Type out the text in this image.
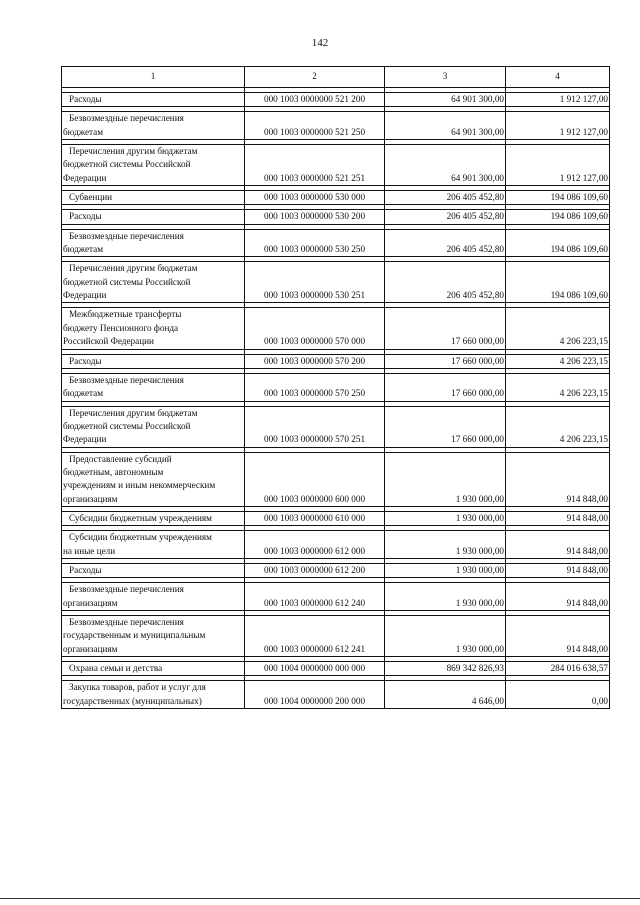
142
1	2	3	4

Расходы	000 1003 0000000 521 200	64 901 300,00	1 912 127,00

Безвозмездные перечисления
бюджетам	000 1003 0000000 521 250	64 901 300,00	1 912 127,00

Перечисления другим бюджетам
бюджетной системы Российской
Федерации	000 1003 0000000 521 251	64 901 300,00	1 912 127,00

Субвенции	000 1003 0000000 530 000	206 405 452,80	194 086 109,60

Расходы	000 1003 0000000 530 200	206 405 452,80	194 086 109,60

Безвозмездные перечисления
бюджетам	000 1003 0000000 530 250	206 405 452,80	194 086 109,60

Перечисления другим бюджетам
бюджетной системы Российской
Федерации	000 1003 0000000 530 251	206 405 452,80	194 086 109,60

Межбюджетные трансферты
бюджету Пенсионного фонда
Российской Федерации	000 1003 0000000 570 000	17 660 000,00	4 206 223,15

Расходы	000 1003 0000000 570 200	17 660 000,00	4 206 223,15

Безвозмездные перечисления
бюджетам	000 1003 0000000 570 250	17 660 000,00	4 206 223,15

Перечисления другим бюджетам
бюджетной системы Российской
Федерации	000 1003 0000000 570 251	17 660 000,00	4 206 223,15

Предоставление субсидий
бюджетным, автономным
учреждениям и иным некоммерческим
организациям	000 1003 0000000 600 000	1 930 000,00	914 848,00

Субсидии бюджетным учреждениям	000 1003 0000000 610 000	1 930 000,00	914 848,00

Субсидии бюджетным учреждениям
на иные цели	000 1003 0000000 612 000	1 930 000,00	914 848,00

Расходы	000 1003 0000000 612 200	1 930 000,00	914 848,00

Безвозмездные перечисления
организациям	000 1003 0000000 612 240	1 930 000,00	914 848,00

Безвозмездные перечисления
государственным и муниципальным
организациям	000 1003 0000000 612 241	1 930 000,00	914 848,00

Охрана семьи и детства	000 1004 0000000 000 000	869 342 826,93	284 016 638,57

Закупка товаров, работ и услуг для
государственных (муниципальных)	000 1004 0000000 200 000	4 646,00	0,00
